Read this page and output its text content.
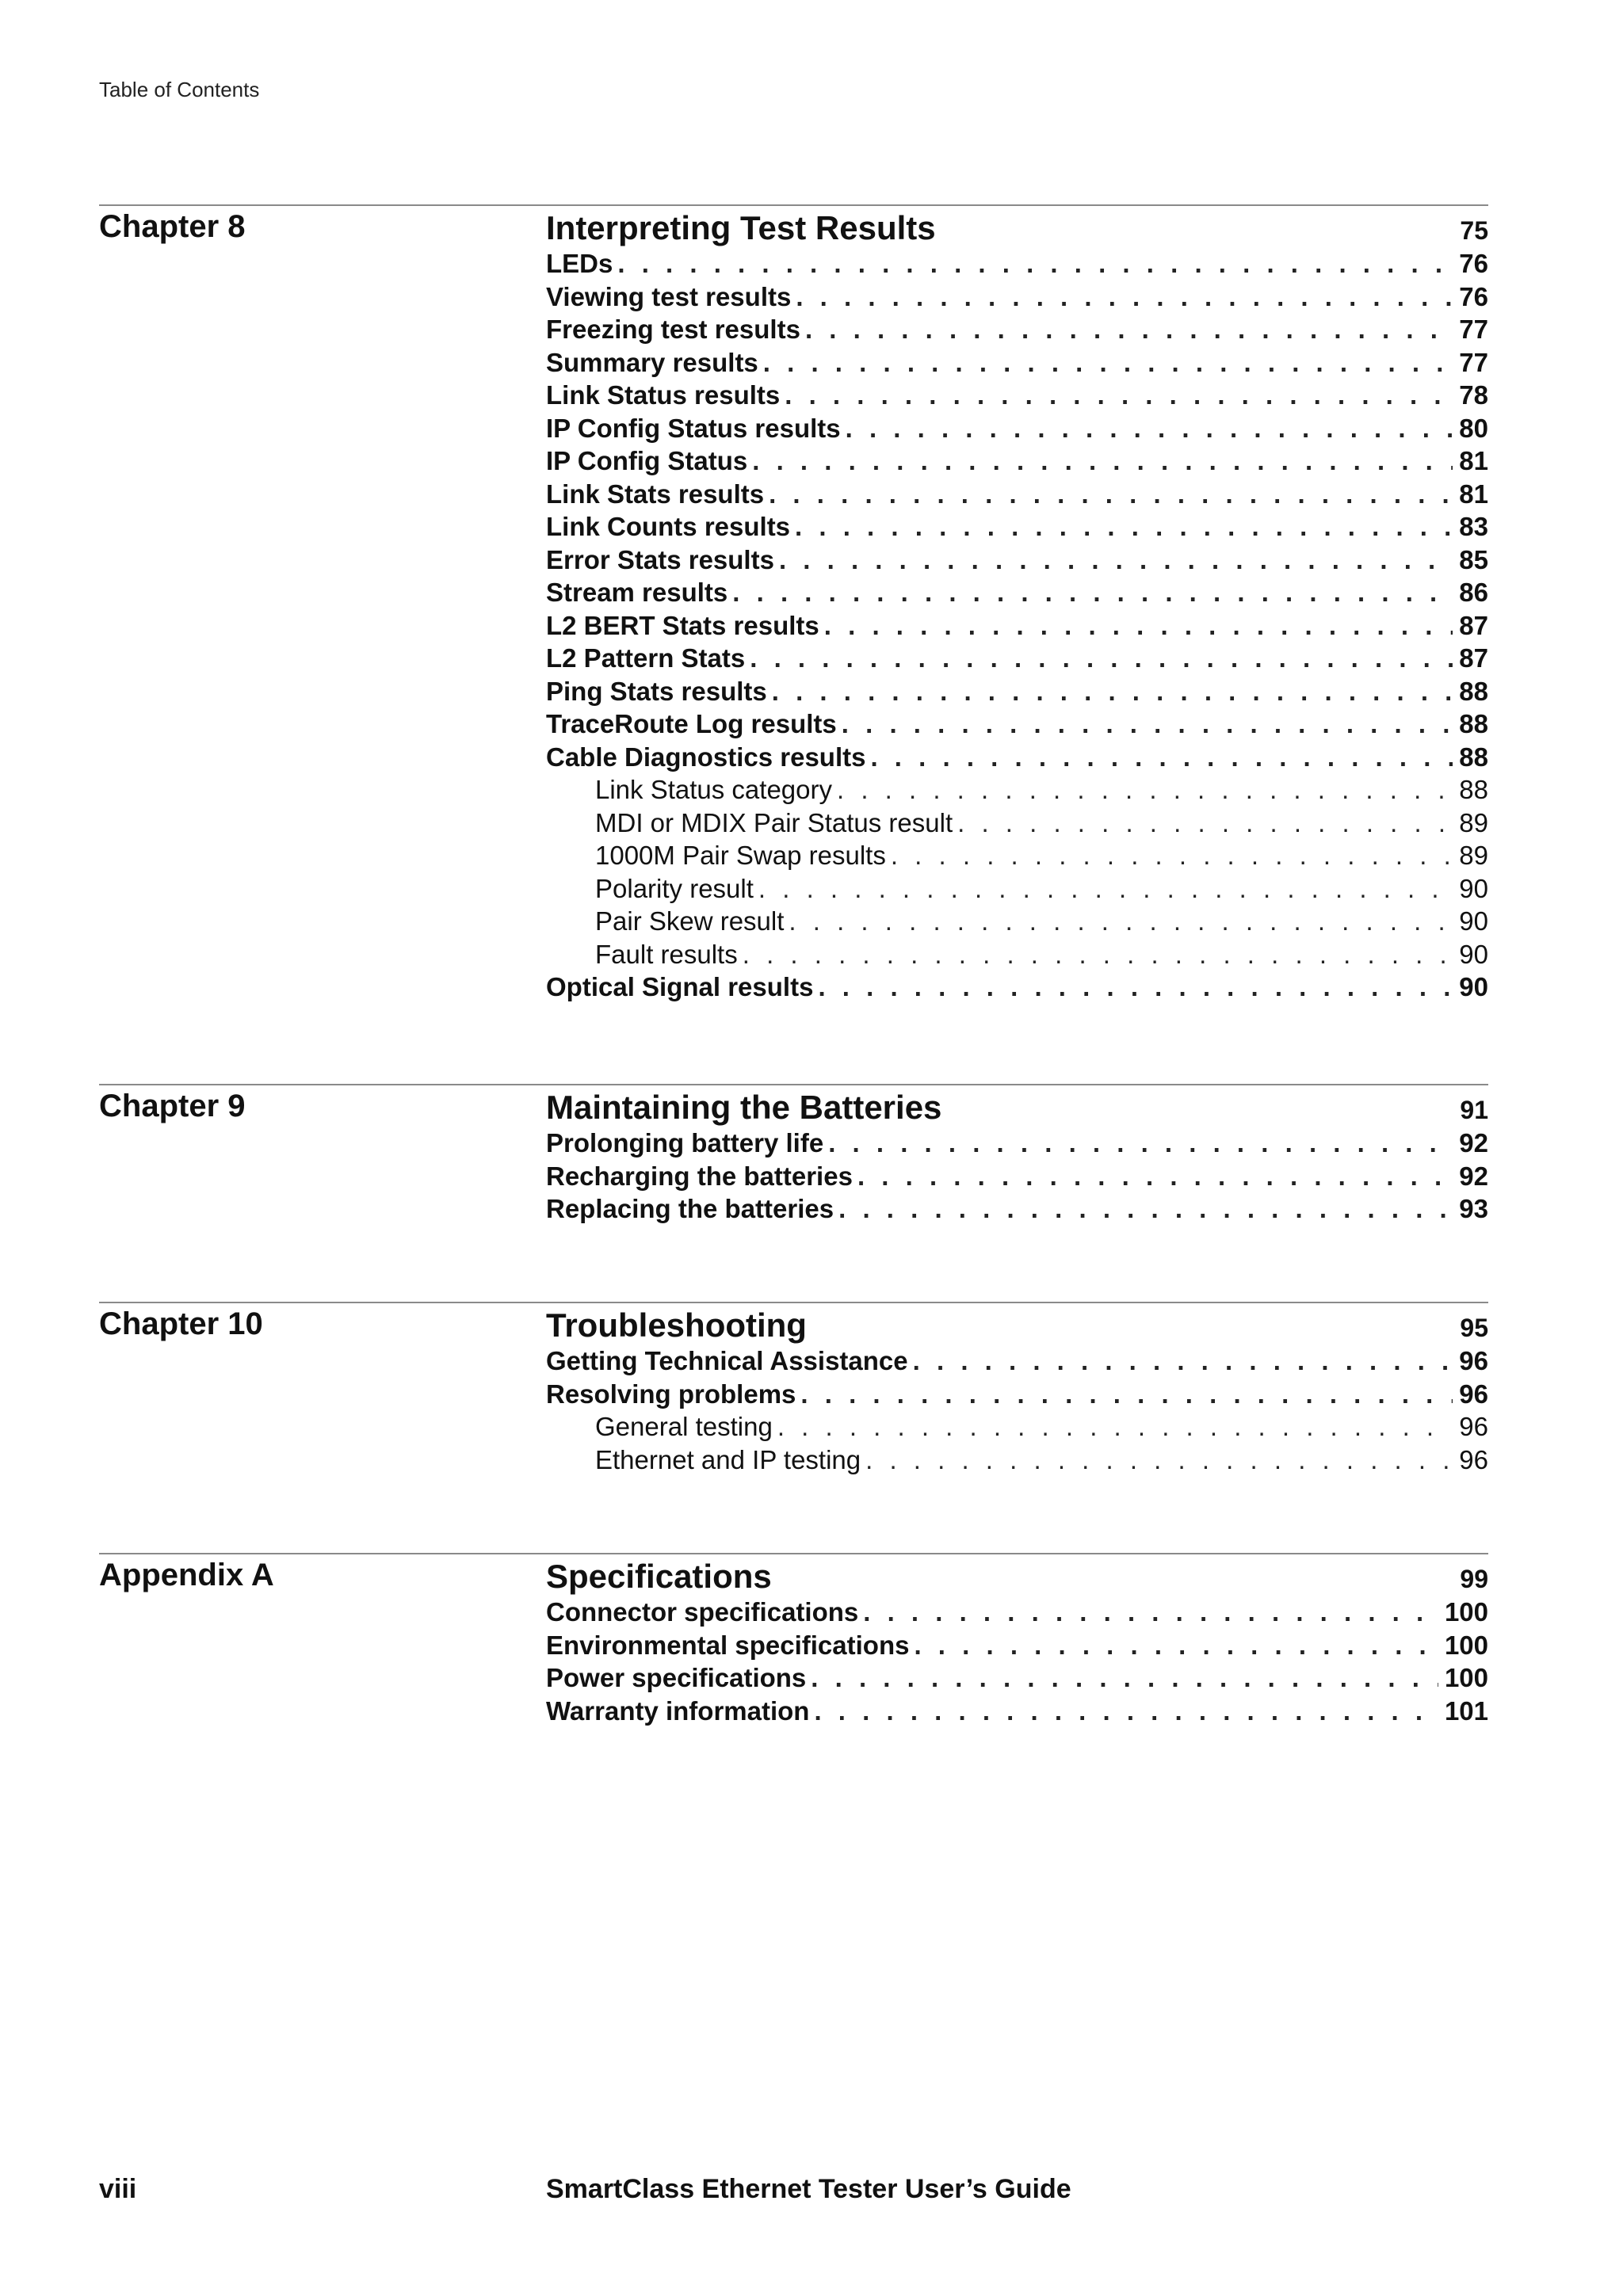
Table of Contents
Chapter 8	Interpreting Test Results	75
LEDs . . .	76
Viewing test results . . .	76
Freezing test results . . .	77
Summary results . . .	77
Link Status results . . .	78
IP Config Status results . . .	80
IP Config Status . . .	81
Link Stats results . . .	81
Link Counts results . . .	83
Error Stats results . . .	85
Stream results . . .	86
L2 BERT Stats results . . .	87
L2 Pattern Stats . . .	87
Ping Stats results . . .	88
TraceRoute Log results . . .	88
Cable Diagnostics results . . .	88
Link Status category . . .	88
MDI or MDIX Pair Status result . . .	89
1000M Pair Swap results . . .	89
Polarity result . . .	90
Pair Skew result . . .	90
Fault results . . .	90
Optical Signal results . . .	90
Chapter 9	Maintaining the Batteries	91
Prolonging battery life . . .	92
Recharging the batteries . . .	92
Replacing the batteries . . .	93
Chapter 10	Troubleshooting	95
Getting Technical Assistance . . .	96
Resolving problems . . .	96
General testing . . .	96
Ethernet and IP testing . . .	96
Appendix A	Specifications	99
Connector specifications . . .	100
Environmental specifications . . .	100
Power specifications . . .	100
Warranty information . . .	101
viii	SmartClass Ethernet Tester User’s Guide
